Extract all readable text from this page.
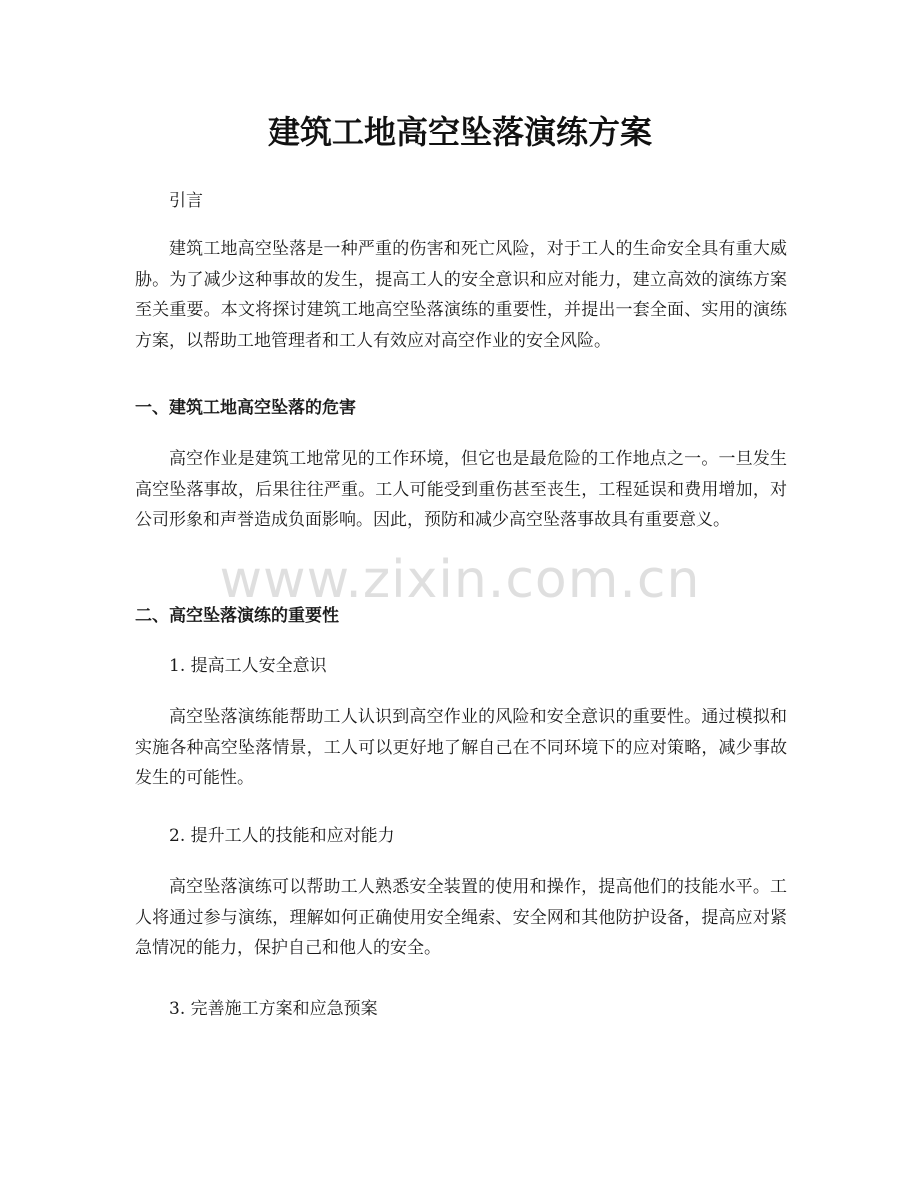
建筑工地高空坠落演练方案

引言

建筑工地高空坠落是一种严重的伤害和死亡风险，对于工人的生命安全具有重大威胁。为了减少这种事故的发生，提高工人的安全意识和应对能力，建立高效的演练方案至关重要。本文将探讨建筑工地高空坠落演练的重要性，并提出一套全面、实用的演练方案，以帮助工地管理者和工人有效应对高空作业的安全风险。

一、建筑工地高空坠落的危害

高空作业是建筑工地常见的工作环境，但它也是最危险的工作地点之一。一旦发生高空坠落事故，后果往往严重。工人可能受到重伤甚至丧生，工程延误和费用增加，对公司形象和声誉造成负面影响。因此，预防和减少高空坠落事故具有重要意义。

二、高空坠落演练的重要性

1. 提高工人安全意识

高空坠落演练能帮助工人认识到高空作业的风险和安全意识的重要性。通过模拟和实施各种高空坠落情景，工人可以更好地了解自己在不同环境下的应对策略，减少事故发生的可能性。

2. 提升工人的技能和应对能力

高空坠落演练可以帮助工人熟悉安全装置的使用和操作，提高他们的技能水平。工人将通过参与演练，理解如何正确使用安全绳索、安全网和其他防护设备，提高应对紧急情况的能力，保护自己和他人的安全。

3. 完善施工方案和应急预案

www.zixin.com.cn
